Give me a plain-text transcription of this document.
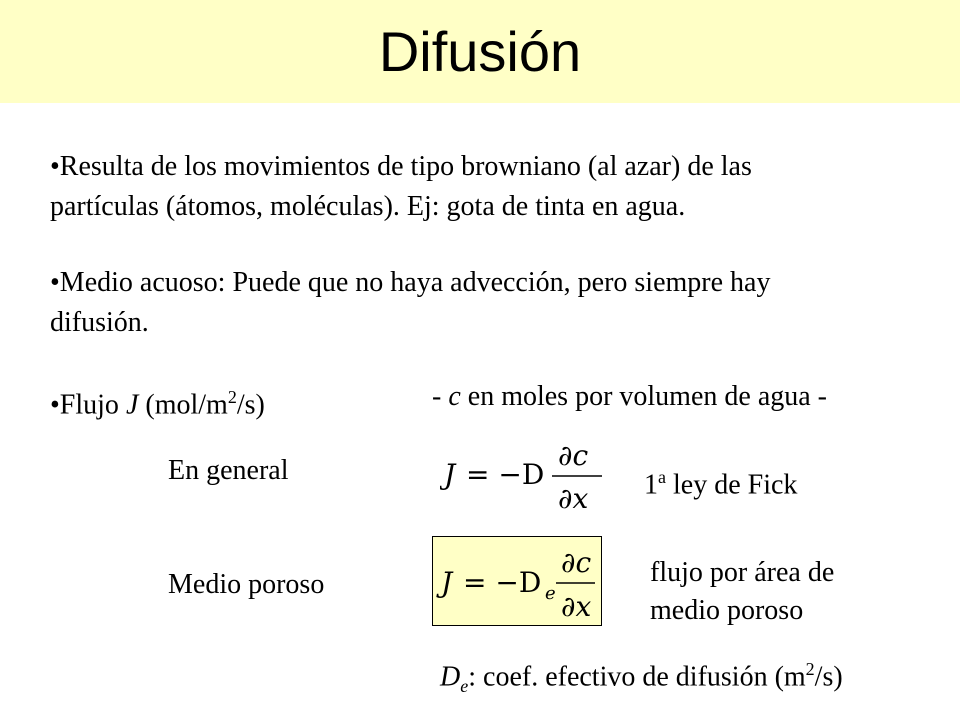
Difusión
•Resulta de los movimientos de tipo browniano (al azar) de las
partículas (átomos, moléculas). Ej: gota de tinta en agua.
•Medio acuoso: Puede que no haya advección, pero siempre hay
difusión.
•Flujo J $(mol/m^2/s)$	- c en moles por volumen de agua -
En general	J = −D
∂c
∂x 1$^a$ ley de Fick
Medio poroso	J = −D e
∂c
∂x
flujo por área de
medio poroso
$D_e$: coef. efectivo de difusión $(m^2/s)$
